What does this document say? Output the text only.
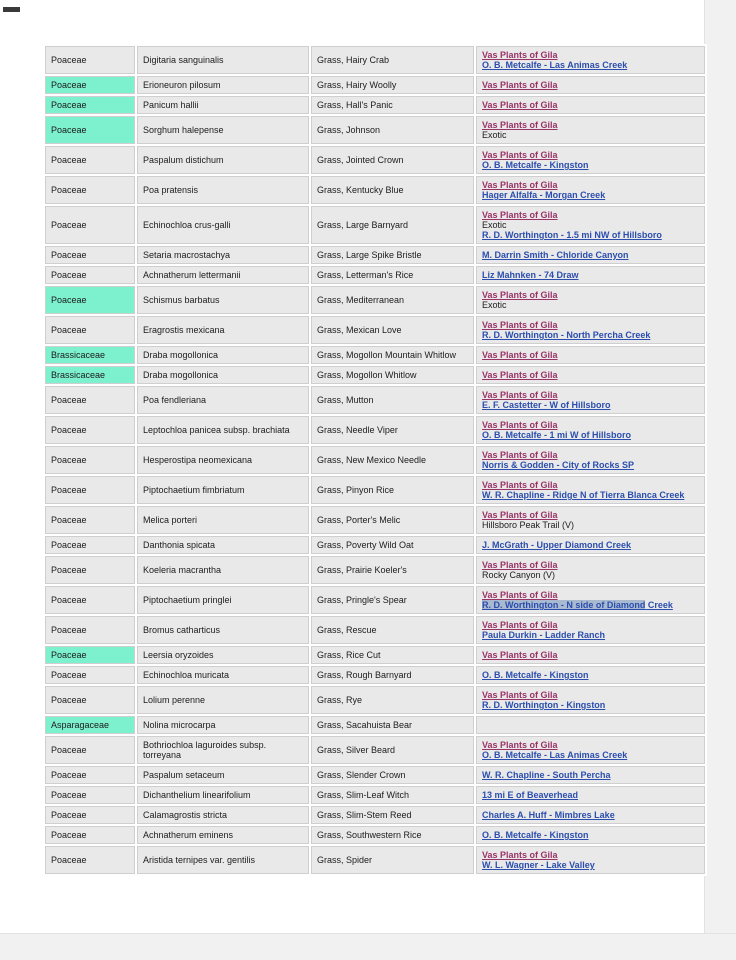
Poaceae	Digitaria sanguinalis	Grass, Hairy Crab	Vas Plants of Gila
O. B. Metcalfe - Las Animas Creek

Poaceae	Erioneuron pilosum	Grass, Hairy Woolly	Vas Plants of Gila

Poaceae	Panicum hallii	Grass, Hall's Panic	Vas Plants of Gila

Poaceae	Sorghum halepense	Grass, Johnson	Vas Plants of Gila
Exotic

Poaceae	Paspalum distichum	Grass, Jointed Crown	Vas Plants of Gila
O. B. Metcalfe - Kingston

Poaceae	Poa pratensis	Grass, Kentucky Blue	Vas Plants of Gila
Hager Alfalfa - Morgan Creek

Poaceae	Echinochloa crus-galli	Grass, Large Barnyard	Vas Plants of Gila
Exotic
R. D. Worthington - 1.5 mi NW of Hillsboro

Poaceae	Setaria macrostachya	Grass, Large Spike Bristle	M. Darrin Smith - Chloride Canyon

Poaceae	Achnatherum lettermanii	Grass, Letterman's Rice	Liz Mahnken - 74 Draw

Poaceae	Schismus barbatus	Grass, Mediterranean	Vas Plants of Gila
Exotic

Poaceae	Eragrostis mexicana	Grass, Mexican Love	Vas Plants of Gila
R. D. Worthington - North Percha Creek

Brassicaceae	Draba mogollonica	Grass, Mogollon Mountain Whitlow	Vas Plants of Gila

Brassicaceae	Draba mogollonica	Grass, Mogollon Whitlow	Vas Plants of Gila

Poaceae	Poa fendleriana	Grass, Mutton	Vas Plants of Gila
E. F. Castetter - W of Hillsboro

Poaceae	Leptochloa panicea subsp. brachiata	Grass, Needle Viper	Vas Plants of Gila
O. B. Metcalfe - 1 mi W of Hillsboro

Poaceae	Hesperostipa neomexicana	Grass, New Mexico Needle	Vas Plants of Gila
Norris & Godden - City of Rocks SP

Poaceae	Piptochaetium fimbriatum	Grass, Pinyon Rice	Vas Plants of Gila
W. R. Chapline - Ridge N of Tierra Blanca Creek

Poaceae	Melica porteri	Grass, Porter's Melic	Vas Plants of Gila
Hillsboro Peak Trail (V)

Poaceae	Danthonia spicata	Grass, Poverty Wild Oat	J. McGrath - Upper Diamond Creek

Poaceae	Koeleria macrantha	Grass, Prairie Koeler's	Vas Plants of Gila
Rocky Canyon (V)

Poaceae	Piptochaetium pringlei	Grass, Pringle's Spear	Vas Plants of Gila
R. D. Worthington - N side of Diamond Creek

Poaceae	Bromus catharticus	Grass, Rescue	Vas Plants of Gila
Paula Durkin - Ladder Ranch

Poaceae	Leersia oryzoides	Grass, Rice Cut	Vas Plants of Gila

Poaceae	Echinochloa muricata	Grass, Rough Barnyard	O. B. Metcalfe - Kingston

Poaceae	Lolium perenne	Grass, Rye	Vas Plants of Gila
R. D. Worthington - Kingston

Asparagaceae	Nolina microcarpa	Grass, Sacahuista Bear	
Poaceae	Bothriochloa laguroides subsp. torreyana	Grass, Silver Beard	Vas Plants of Gila
O. B. Metcalfe - Las Animas Creek

Poaceae	Paspalum setaceum	Grass, Slender Crown	W. R. Chapline - South Percha

Poaceae	Dichanthelium linearifolium	Grass, Slim-Leaf Witch	13 mi E of Beaverhead

Poaceae	Calamagrostis stricta	Grass, Slim-Stem Reed	Charles A. Huff - Mimbres Lake

Poaceae	Achnatherum eminens	Grass, Southwestern Rice	O. B. Metcalfe - Kingston

Poaceae	Aristida ternipes var. gentilis	Grass, Spider	Vas Plants of Gila
W. L. Wagner - Lake Valley
